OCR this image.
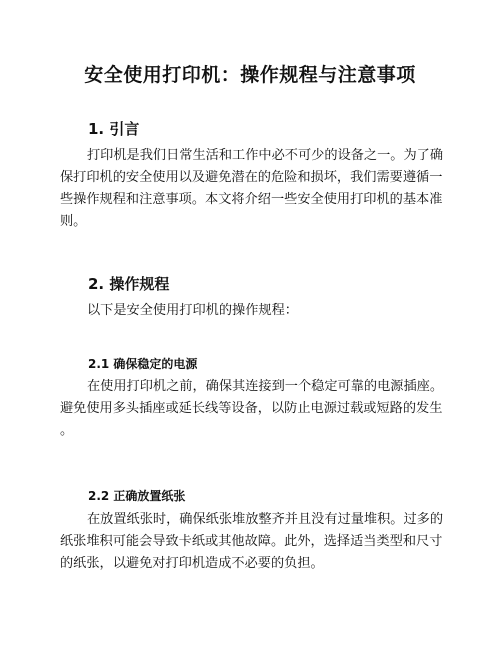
安全使用打印机：操作规程与注意事项
1. 引言
打印机是我们日常生活和工作中必不可少的设备之一。为了确
保打印机的安全使用以及避免潜在的危险和损坏，我们需要遵循一
些操作规程和注意事项。本文将介绍一些安全使用打印机的基本准
则。
2. 操作规程
以下是安全使用打印机的操作规程：
2.1 确保稳定的电源
在使用打印机之前，确保其连接到一个稳定可靠的电源插座。
避免使用多头插座或延长线等设备，以防止电源过载或短路的发生
。
2.2 正确放置纸张
在放置纸张时，确保纸张堆放整齐并且没有过量堆积。过多的
纸张堆积可能会导致卡纸或其他故障。此外，选择适当类型和尺寸
的纸张，以避免对打印机造成不必要的负担。
